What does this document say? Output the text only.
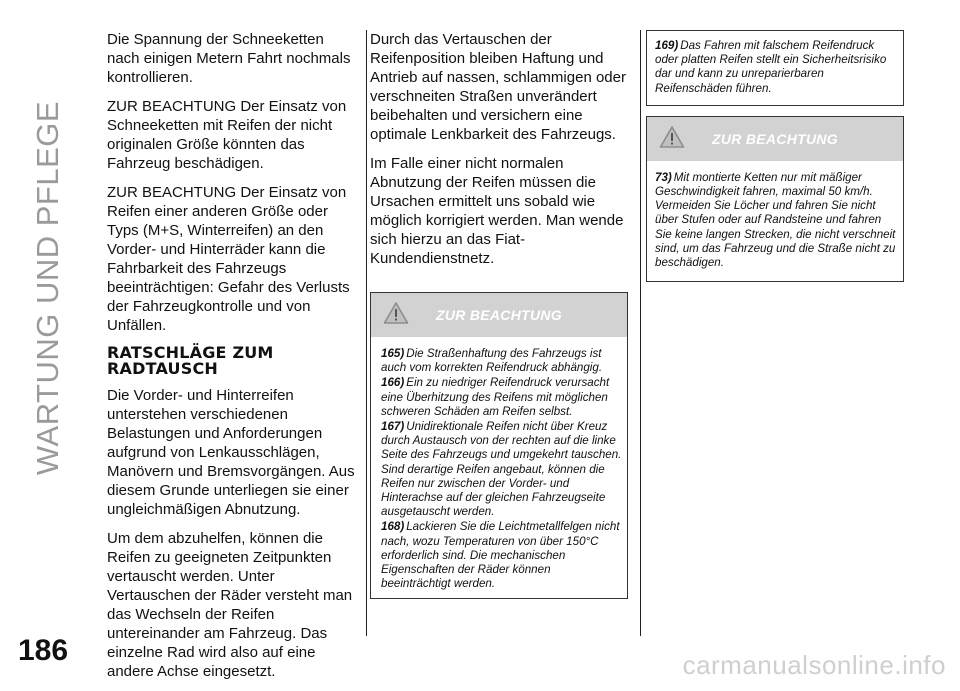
WARTUNG UND PFLEGE
186	carmanualsonline.info

Die Spannung der Schneeketten nach einigen Metern Fahrt nochmals kontrollieren.

ZUR BEACHTUNG Der Einsatz von Schneeketten mit Reifen der nicht originalen Größe könnten das Fahrzeug beschädigen.

ZUR BEACHTUNG Der Einsatz von Reifen einer anderen Größe oder Typs (M+S, Winterreifen) an den Vorder- und Hinterräder kann die Fahrbarkeit des Fahrzeugs beeinträchtigen: Gefahr des Verlusts der Fahrzeugkontrolle und von Unfällen.

RATSCHLÄGE ZUM
RADTAUSCH

Die Vorder- und Hinterreifen unterstehen verschiedenen Belastungen und Anforderungen aufgrund von Lenkausschlägen, Manövern und Bremsvorgängen. Aus diesem Grunde unterliegen sie einer ungleichmäßigen Abnutzung.

Um dem abzuhelfen, können die Reifen zu geeigneten Zeitpunkten vertauscht werden. Unter Vertauschen der Räder versteht man das Wechseln der Reifen untereinander am Fahrzeug. Das einzelne Rad wird also auf eine andere Achse eingesetzt.

Durch das Vertauschen der Reifenposition bleiben Haftung und Antrieb auf nassen, schlammigen oder verschneiten Straßen unverändert beibehalten und versichern eine optimale Lenkbarkeit des Fahrzeugs.

Im Falle einer nicht normalen Abnutzung der Reifen müssen die Ursachen ermittelt uns sobald wie möglich korrigiert werden. Man wende sich hierzu an das Fiat-Kundendienstnetz.

ZUR BEACHTUNG

165) Die Straßenhaftung des Fahrzeugs ist auch vom korrekten Reifendruck abhängig.

166) Ein zu niedriger Reifendruck verursacht eine Überhitzung des Reifens mit möglichen schweren Schäden am Reifen selbst.

167) Unidirektionale Reifen nicht über Kreuz durch Austausch von der rechten auf die linke Seite des Fahrzeugs und umgekehrt tauschen. Sind derartige Reifen angebaut, können die Reifen nur zwischen der Vorder- und Hinterachse auf der gleichen Fahrzeugseite ausgetauscht werden.

168) Lackieren Sie die Leichtmetallfelgen nicht nach, wozu Temperaturen von über 150°C erforderlich sind. Die mechanischen Eigenschaften der Räder können beeinträchtigt werden.

169) Das Fahren mit falschem Reifendruck oder platten Reifen stellt ein Sicherheitsrisiko dar und kann zu unreparierbaren Reifenschäden führen.

ZUR BEACHTUNG

73) Mit montierte Ketten nur mit mäßiger Geschwindigkeit fahren, maximal 50 km/h. Vermeiden Sie Löcher und fahren Sie nicht über Stufen oder auf Randsteine und fahren Sie keine langen Strecken, die nicht verschneit sind, um das Fahrzeug und die Straße nicht zu beschädigen.
